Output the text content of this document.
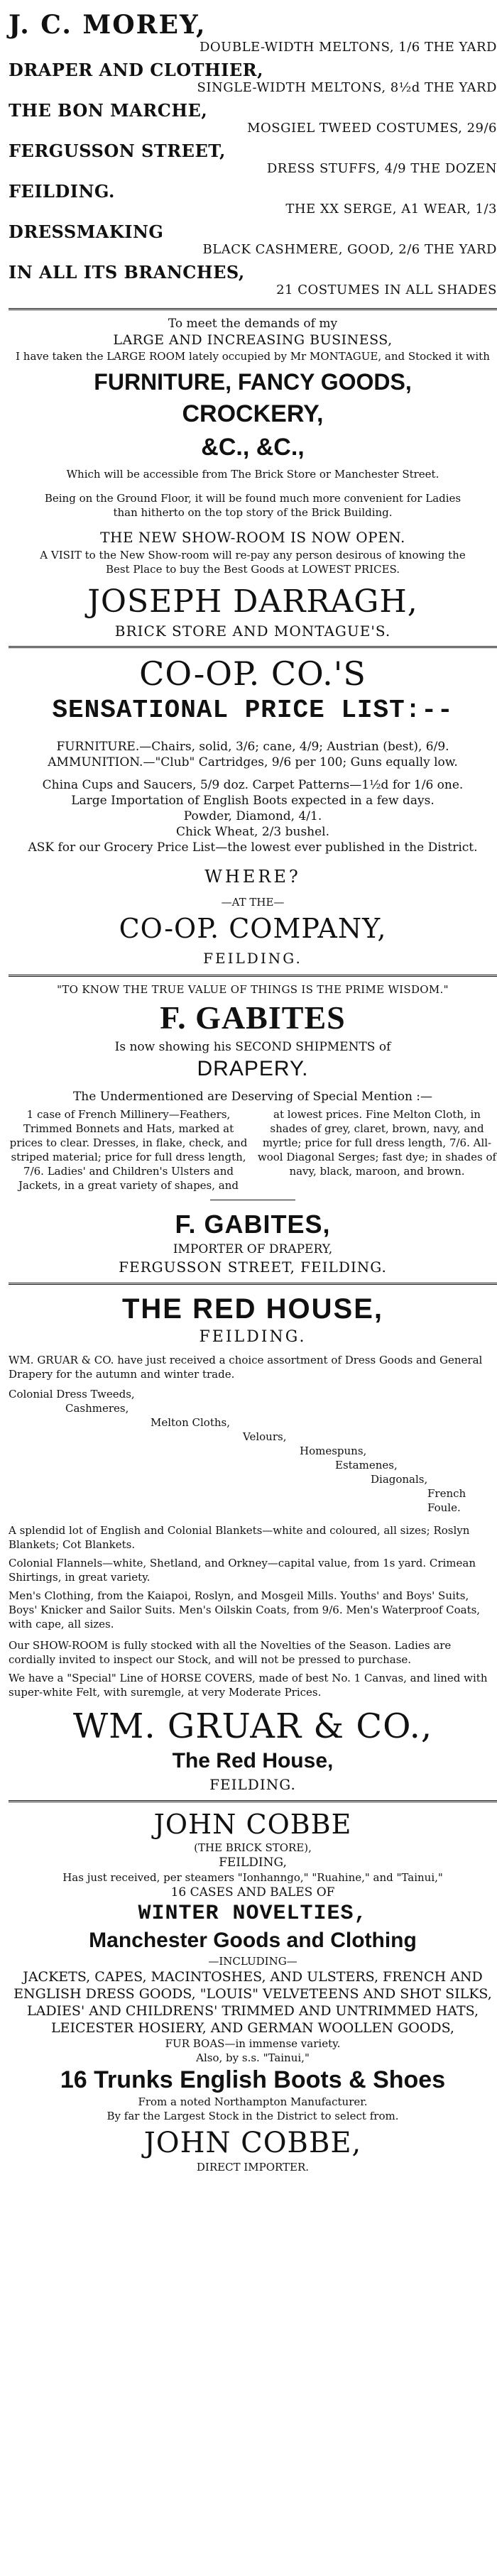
J. C. MOREY,
DOUBLE-WIDTH MELTONS, 1/6 THE YARD
DRAPER AND CLOTHIER,
SINGLE-WIDTH MELTONS, 8½d THE YARD
THE BON MARCHE,
MOSGIEL TWEED COSTUMES, 29/6
FERGUSSON STREET,
DRESS STUFFS, 4/9 THE DOZEN
FEILDING.
THE XX SERGE, A1 WEAR, 1/3
DRESSMAKING
BLACK CASHMERE, GOOD, 2/6 THE YARD
IN ALL ITS BRANCHES,
21 COSTUMES IN ALL SHADES
To meet the demands of my
LARGE AND INCREASING BUSINESS,
I have taken the LARGE ROOM lately occupied by Mr MONTAGUE, and Stocked it with
FURNITURE, FANCY GOODS,
CROCKERY,
&C., &C.,
Which will be accessible from The Brick Store or Manchester Street.
Being on the Ground Floor, it will be found much more convenient for Ladies than hitherto on the top story of the Brick Building.
THE NEW SHOW-ROOM IS NOW OPEN.
A VISIT to the New Show-room will re-pay any person desirous of knowing the Best Place to buy the Best Goods at LOWEST PRICES.
JOSEPH DARRAGH,
BRICK STORE AND MONTAGUE'S.
CO-OP. CO.'S
SENSATIONAL PRICE LIST:--
FURNITURE.—Chairs, solid, 3/6; cane, 4/9; Austrian (best), 6/9.
AMMUNITION.—"Club" Cartridges, 9/6 per 100; Guns equally low.
China Cups and Saucers, 5/9 doz. Carpet Patterns—1½d for 1/6 one.
Large Importation of English Boots expected in a few days.
Powder, Diamond, 4/1.
Chick Wheat, 2/3 bushel.
ASK for our Grocery Price List—the lowest ever published in the District.
WHERE?
—AT THE—
CO-OP. COMPANY,
FEILDING.
"TO KNOW THE TRUE VALUE OF THINGS IS THE PRIME WISDOM."
F. GABITES
Is now showing his SECOND SHIPMENTS of
DRAPERY.
The Undermentioned are Deserving of Special Mention :—
1 case of French Millinery—Feathers, Trimmed Bonnets and Hats, marked at prices to clear. Dresses, in flake, check, and striped material; price for full dress length, 7/6. Ladies' and Children's Ulsters and Jackets, in a great variety of shapes, and
at lowest prices. Fine Melton Cloth, in shades of grey, claret, brown, navy, and myrtle; price for full dress length, 7/6. All-wool Diagonal Serges; fast dye; in shades of navy, black, maroon, and brown.
F. GABITES,
IMPORTER OF DRAPERY,
FERGUSSON STREET, FEILDING.
THE RED HOUSE,
FEILDING.
WM. GRUAR & CO. have just received a choice assortment of Dress Goods and General Drapery for the autumn and winter trade.
Colonial Dress Tweeds,
Cashmeres,
Melton Cloths,
Velours,
Homespuns,
Estamenes,
Diagonals,
French Foule.
A splendid lot of English and Colonial Blankets—white and coloured, all sizes; Roslyn Blankets; Cot Blankets.
Colonial Flannels—white, Shetland, and Orkney—capital value, from 1s yard. Crimean Shirtings, in great variety.
Men's Clothing, from the Kaiapoi, Roslyn, and Mosgeil Mills. Youths' and Boys' Suits, Boys' Knicker and Sailor Suits. Men's Oilskin Coats, from 9/6. Men's Waterproof Coats, with cape, all sizes.
Our SHOW-ROOM is fully stocked with all the Novelties of the Season. Ladies are cordially invited to inspect our Stock, and will not be pressed to purchase.
We have a "Special" Line of HORSE COVERS, made of best No. 1 Canvas, and lined with super-white Felt, with suremgle, at very Moderate Prices.
WM. GRUAR & CO.,
The Red House,
FEILDING.
JOHN COBBE
(THE BRICK STORE),
FEILDING,
Has just received, per steamers "Ionhanngo," "Ruahine," and "Tainui,"
16 CASES AND BALES OF
WINTER NOVELTIES,
Manchester Goods and Clothing
—INCLUDING—
JACKETS, CAPES, MACINTOSHES, AND ULSTERS, FRENCH AND ENGLISH DRESS GOODS, "LOUIS" VELVETEENS AND SHOT SILKS, LADIES' AND CHILDRENS' TRIMMED AND UNTRIMMED HATS, LEICESTER HOSIERY, AND GERMAN WOOLLEN GOODS,
FUR BOAS—in immense variety.
Also, by s.s. "Tainui,"
16 Trunks English Boots & Shoes
From a noted Northampton Manufacturer.
By far the Largest Stock in the District to select from.
JOHN COBBE,
DIRECT IMPORTER.
